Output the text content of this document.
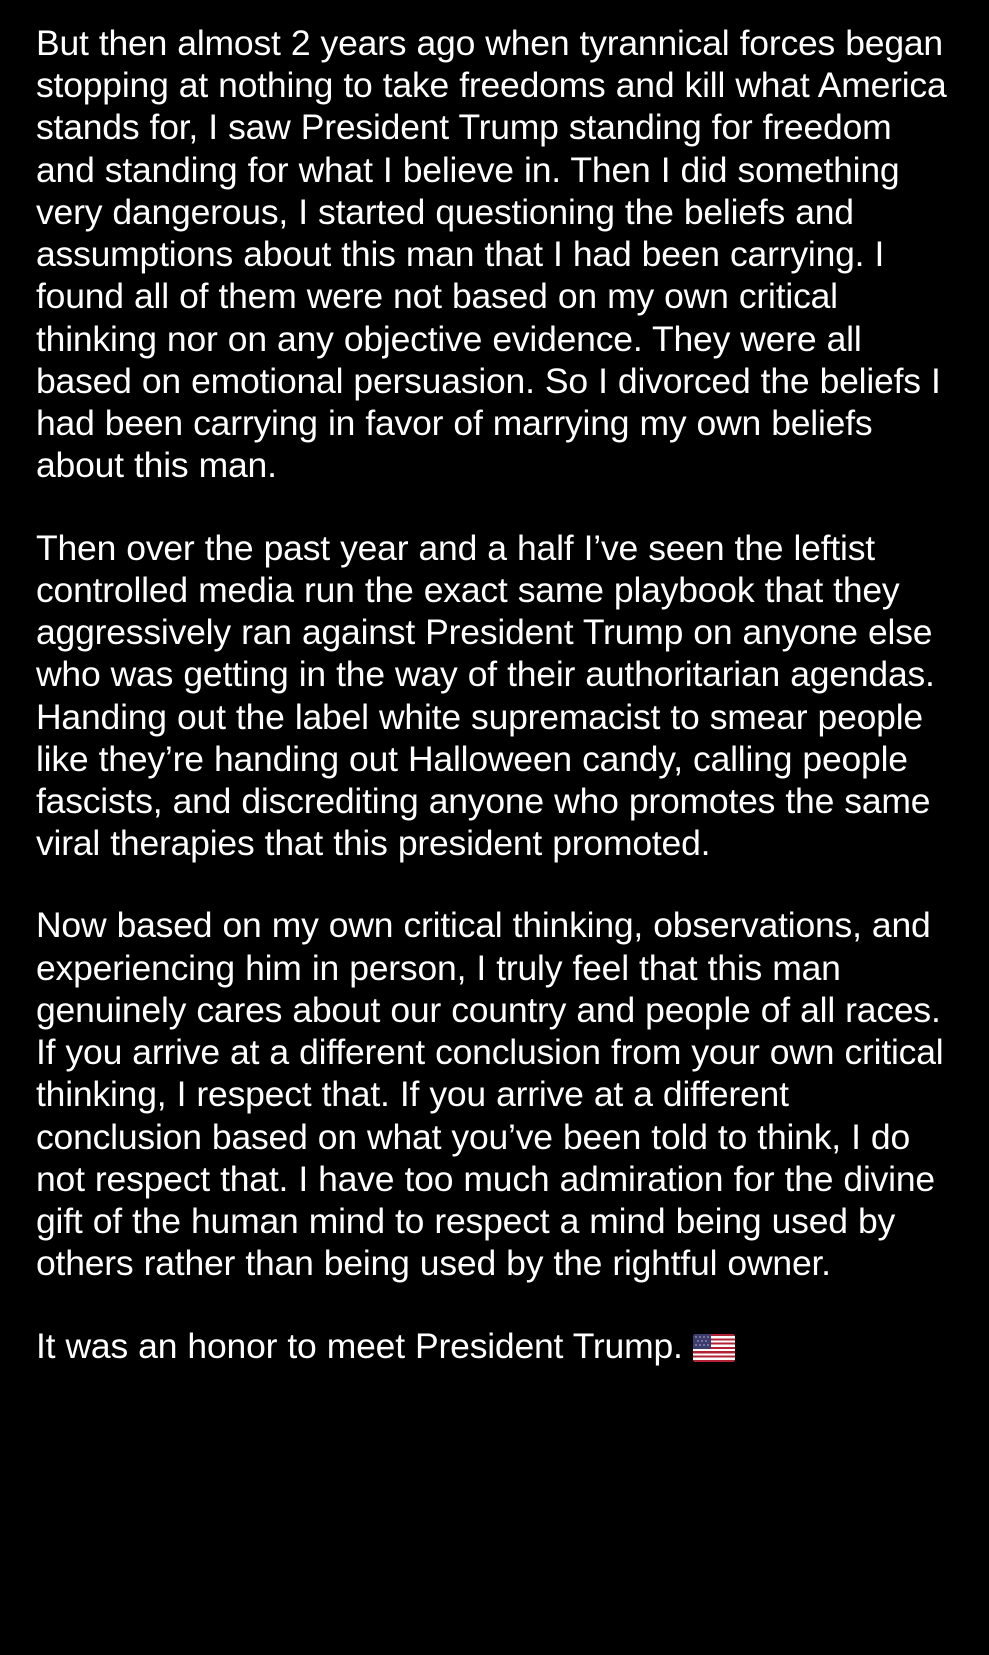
But then almost 2 years ago when tyrannical forces began stopping at nothing to take freedoms and kill what America stands for, I saw President Trump standing for freedom and standing for what I believe in. Then I did something very dangerous, I started questioning the beliefs and assumptions about this man that I had been carrying. I found all of them were not based on my own critical thinking nor on any objective evidence. They were all based on emotional persuasion. So I divorced the beliefs I had been carrying in favor of marrying my own beliefs about this man.

Then over the past year and a half I’ve seen the leftist controlled media run the exact same playbook that they aggressively ran against President Trump on anyone else who was getting in the way of their authoritarian agendas. Handing out the label white supremacist to smear people like they’re handing out Halloween candy, calling people fascists, and discrediting anyone who promotes the same viral therapies that this president promoted.

Now based on my own critical thinking, observations, and experiencing him in person, I truly feel that this man genuinely cares about our country and people of all races. If you arrive at a different conclusion from your own critical thinking, I respect that. If you arrive at a different conclusion based on what you’ve been told to think, I do not respect that. I have too much admiration for the divine gift of the human mind to respect a mind being used by others rather than being used by the rightful owner.

It was an honor to meet President Trump.
